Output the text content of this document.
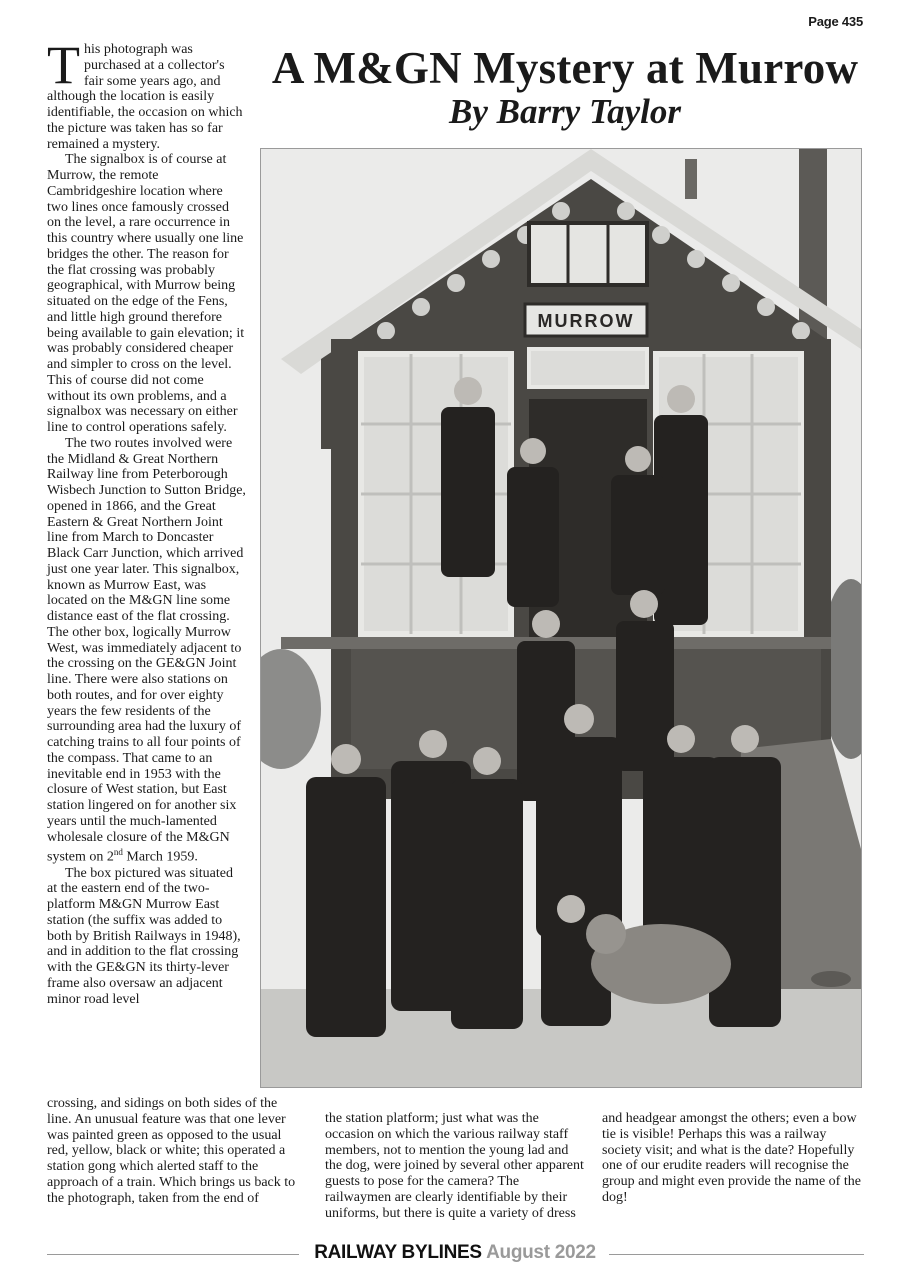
Page 435
A M&GN Mystery at Murrow
By Barry Taylor

This photograph was purchased at a collector's fair some years ago, and although the location is easily identifiable, the occasion on which the picture was taken has so far remained a mystery.

The signalbox is of course at Murrow, the remote Cambridgeshire location where two lines once famously crossed on the level, a rare occurrence in this country where usually one line bridges the other. The reason for the flat crossing was probably geographical, with Murrow being situated on the edge of the Fens, and little high ground therefore being available to gain elevation; it was probably considered cheaper and simpler to cross on the level. This of course did not come without its own problems, and a signalbox was necessary on either line to control operations safely.

The two routes involved were the Midland & Great Northern Railway line from Peterborough Wisbech Junction to Sutton Bridge, opened in 1866, and the Great Eastern & Great Northern Joint line from March to Doncaster Black Carr Junction, which arrived just one year later. This signalbox, known as Murrow East, was located on the M&GN line some distance east of the flat crossing. The other box, logically Murrow West, was immediately adjacent to the crossing on the GE&GN Joint line. There were also stations on both routes, and for over eighty years the few residents of the surrounding area had the luxury of catching trains to all four points of the compass. That came to an inevitable end in 1953 with the closure of West station, but East station lingered on for another six years until the much-lamented wholesale closure of the M&GN system on 2nd March 1959.

The box pictured was situated at the eastern end of the two-platform M&GN Murrow East station (the suffix was added to both by British Railways in 1948), and in addition to the flat crossing with the GE&GN its thirty-lever frame also oversaw an adjacent minor road level

crossing, and sidings on both sides of the line. An unusual feature was that one lever was painted green as opposed to the usual red, yellow, black or white; this operated a station gong which alerted staff to the approach of a train. Which brings us back to the photograph, taken from the end of
the station platform; just what was the occasion on which the various railway staff members, not to mention the young lad and the dog, were joined by several other apparent guests to pose for the camera? The railwaymen are clearly identifiable by their uniforms, but there is quite a variety of dress
and headgear amongst the others; even a bow tie is visible! Perhaps this was a railway society visit; and what is the date? Hopefully one of our erudite readers will recognise the group and might even provide the name of the dog!
MURROW
RAILWAY BYLINES August 2022
